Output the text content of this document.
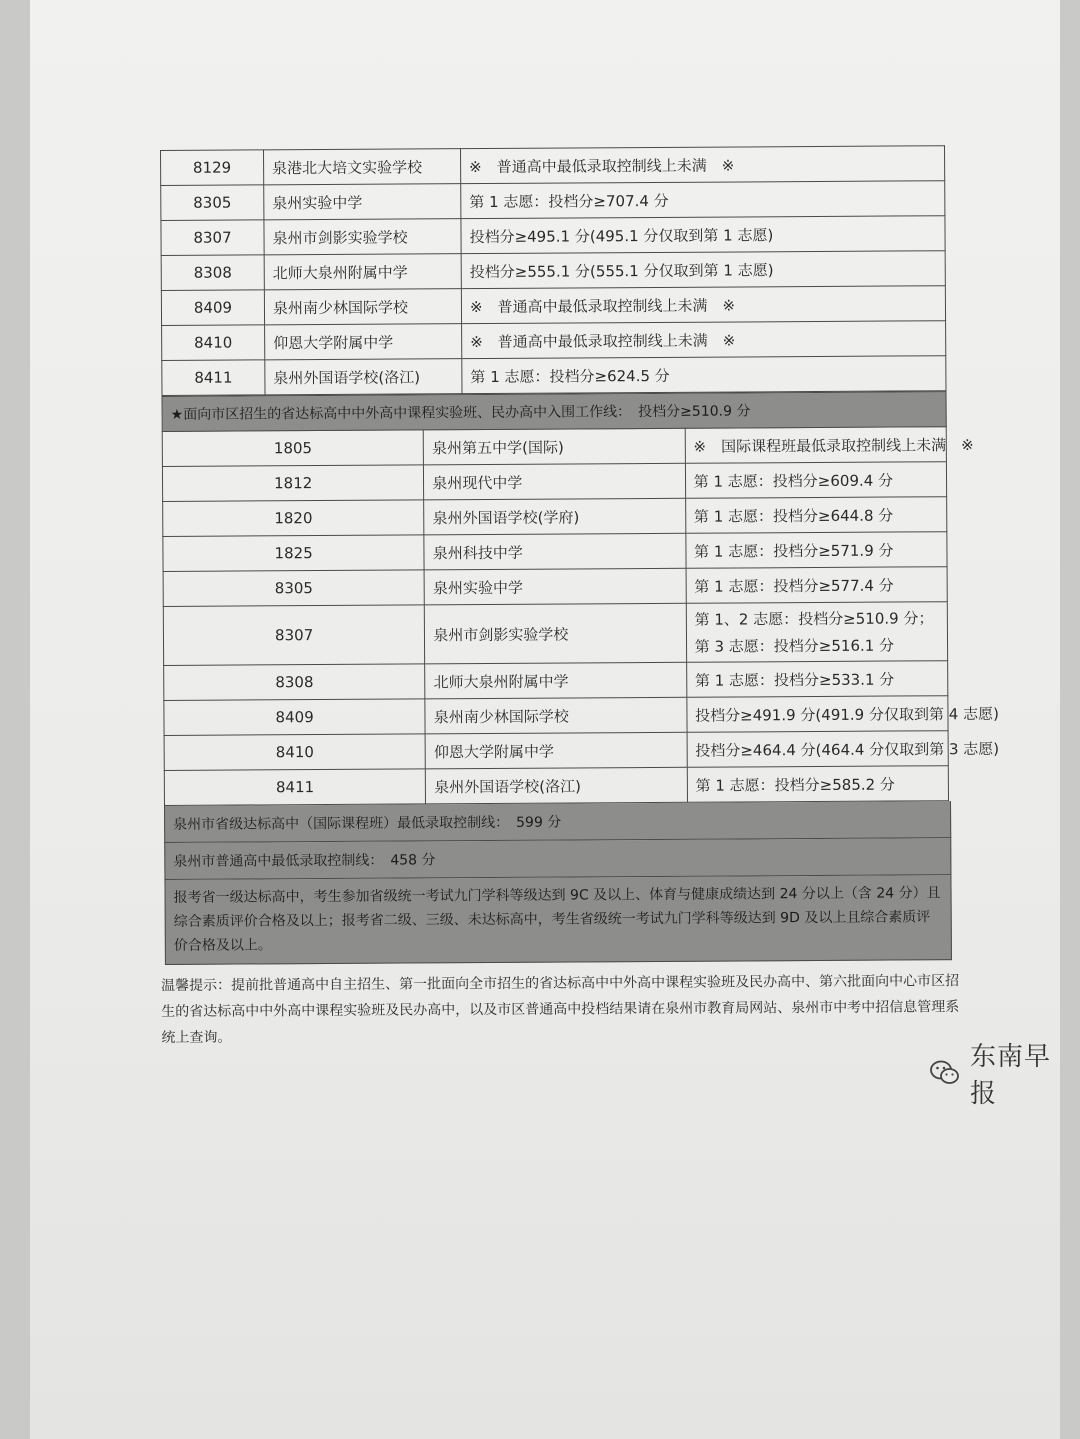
8129	泉港北大培文实验学校	※　普通高中最低录取控制线上未满　※
8305	泉州实验中学	第 1 志愿：投档分≥707.4 分
8307	泉州市剑影实验学校	投档分≥495.1 分(495.1 分仅取到第 1 志愿)
8308	北师大泉州附属中学	投档分≥555.1 分(555.1 分仅取到第 1 志愿)
8409	泉州南少林国际学校	※　普通高中最低录取控制线上未满　※
8410	仰恩大学附属中学	※　普通高中最低录取控制线上未满　※
8411	泉州外国语学校(洛江)	第 1 志愿：投档分≥624.5 分
★面向市区招生的省达标高中中外高中课程实验班、民办高中入围工作线：　投档分≥510.9 分		
1805	泉州第五中学(国际)	※　国际课程班最低录取控制线上未满　※
1812	泉州现代中学	第 1 志愿：投档分≥609.4 分
1820	泉州外国语学校(学府)	第 1 志愿：投档分≥644.8 分
1825	泉州科技中学	第 1 志愿：投档分≥571.9 分
8305	泉州实验中学	第 1 志愿：投档分≥577.4 分
8307	泉州市剑影实验学校	第 1、2 志愿：投档分≥510.9 分；
第 3 志愿：投档分≥516.1 分

8308	北师大泉州附属中学	第 1 志愿：投档分≥533.1 分
8409	泉州南少林国际学校	投档分≥491.9 分(491.9 分仅取到第 4 志愿)
8410	仰恩大学附属中学	投档分≥464.4 分(464.4 分仅取到第 3 志愿)
8411	泉州外国语学校(洛江)	第 1 志愿：投档分≥585.2 分
泉州市省级达标高中（国际课程班）最低录取控制线：　599 分
泉州市普通高中最低录取控制线：　458 分
报考省一级达标高中，考生参加省级统一考试九门学科等级达到 9C 及以上、体育与健康成绩达到 24 分以上（含 24 分）且综合素质评价合格及以上；报考省二级、三级、未达标高中，考生省级统一考试九门学科等级达到 9D 及以上且综合素质评价合格及以上。

温馨提示：提前批普通高中自主招生、第一批面向全市招生的省达标高中中外高中课程实验班及民办高中、第六批面向中心市区招生的省达标高中中外高中课程实验班及民办高中，以及市区普通高中投档结果请在泉州市教育局网站、泉州市中考中招信息管理系统上查询。

东南早报
